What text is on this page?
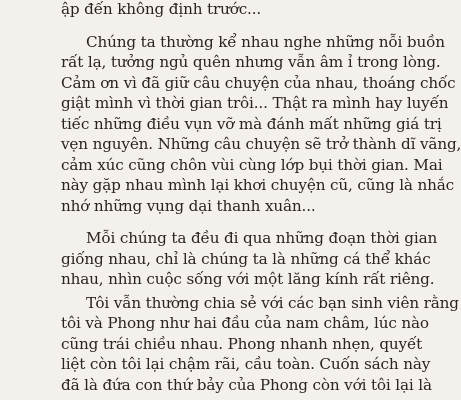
ập đến không định trước...
Chúng ta thường kể nhau nghe những nỗi buồn
rất lạ, tưởng ngủ quên nhưng vẫn âm ỉ trong lòng.
Cảm ơn vì đã giữ câu chuyện của nhau, thoáng chốc
giật mình vì thời gian trôi... Thật ra mình hay luyến
tiếc những điều vụn vỡ mà đánh mất những giá trị
vẹn nguyên. Những câu chuyện sẽ trở thành dĩ vãng,
cảm xúc cũng chôn vùi cùng lớp bụi thời gian. Mai
này gặp nhau mình lại khơi chuyện cũ, cũng là nhắc
nhớ những vụng dại thanh xuân...
Mỗi chúng ta đều đi qua những đoạn thời gian
giống nhau, chỉ là chúng ta là những cá thể khác
nhau, nhìn cuộc sống với một lăng kính rất riêng.
Tôi vẫn thường chia sẻ với các bạn sinh viên rằng
tôi và Phong như hai đầu của nam châm, lúc nào
cũng trái chiều nhau. Phong nhanh nhẹn, quyết
liệt còn tôi lại chậm rãi, cầu toàn. Cuốn sách này
đã là đứa con thứ bảy của Phong còn với tôi lại là
